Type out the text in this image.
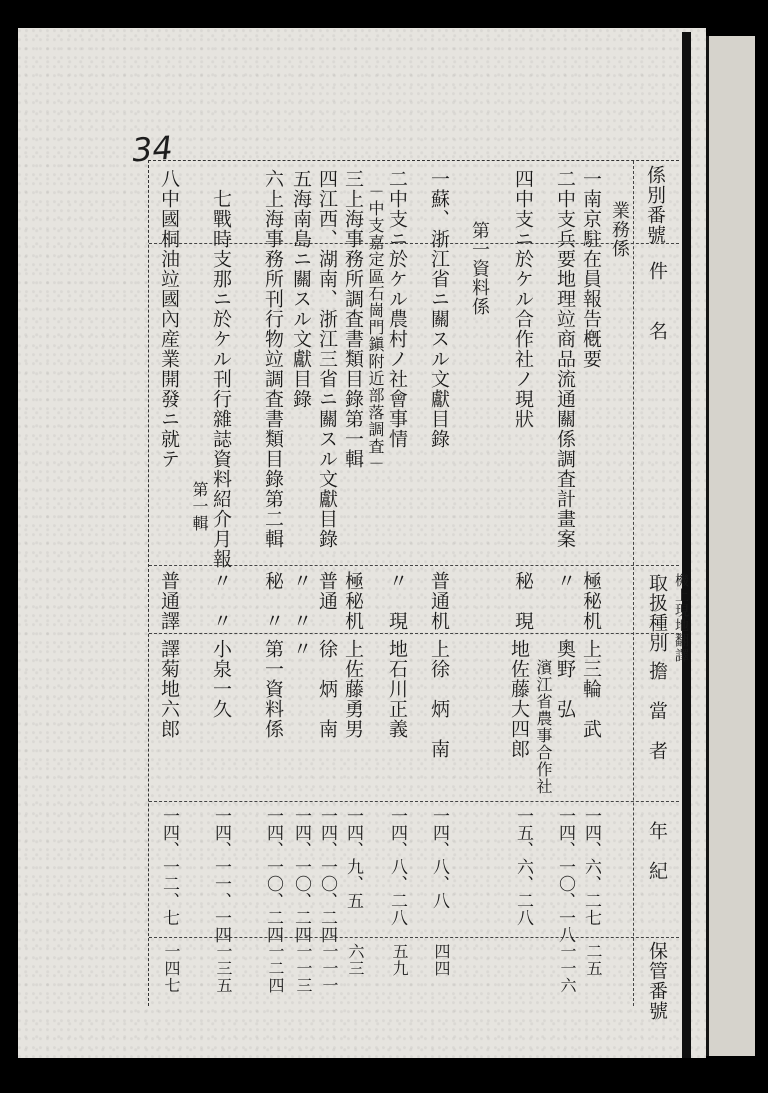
34
係別番號
件　　名
取扱種別 機上現地翻譯
擔　當　者
年　紀
保管番號
業務係
一南京駐在員報告槪要
極秘机
上三輪　武
一四、六、二七
二五
二中支兵要地理竝商品流通關係調査計畫案
〃
奧野　弘
一四、一〇、一八
一一六
四中支ニ於ケル合作社ノ現狀
秘　現
地佐藤大四郎 濱江省農事合作社
一五、六、二八
第一資料係
一蘇、浙江省ニ關スル文獻目錄
普通机
上徐　炳　南
一四、八、八
四四
二中支ニ於ケル農村ノ社會事情
－中支嘉定區石崗門鎭附近部落調査－
〃　現
地石川正義
一四、八、二八
五九
三上海事務所調査書類目錄第一輯
極秘机
上佐藤勇男
一四、九、五
六三
四江西、湖南、浙江三省ニ關スル文獻目錄
普通
徐　炳　南
一四、一〇、二四
一一一
五海南島ニ關スル文獻目錄
〃　〃
〃
一四、一〇、二四
一一三
六上海事務所刊行物竝調査書類目錄第二輯
秘　〃
第一資料係
一四、一〇、二四
一二四
七戰時支那ニ於ケル刊行雜誌資料紹介月報
第一輯
〃　〃
小泉一久
一四、一一、一四
一三五
八中國桐油竝國內産業開發ニ就テ
普通譯
譯菊地六郎
一四、一二、七
一四七
